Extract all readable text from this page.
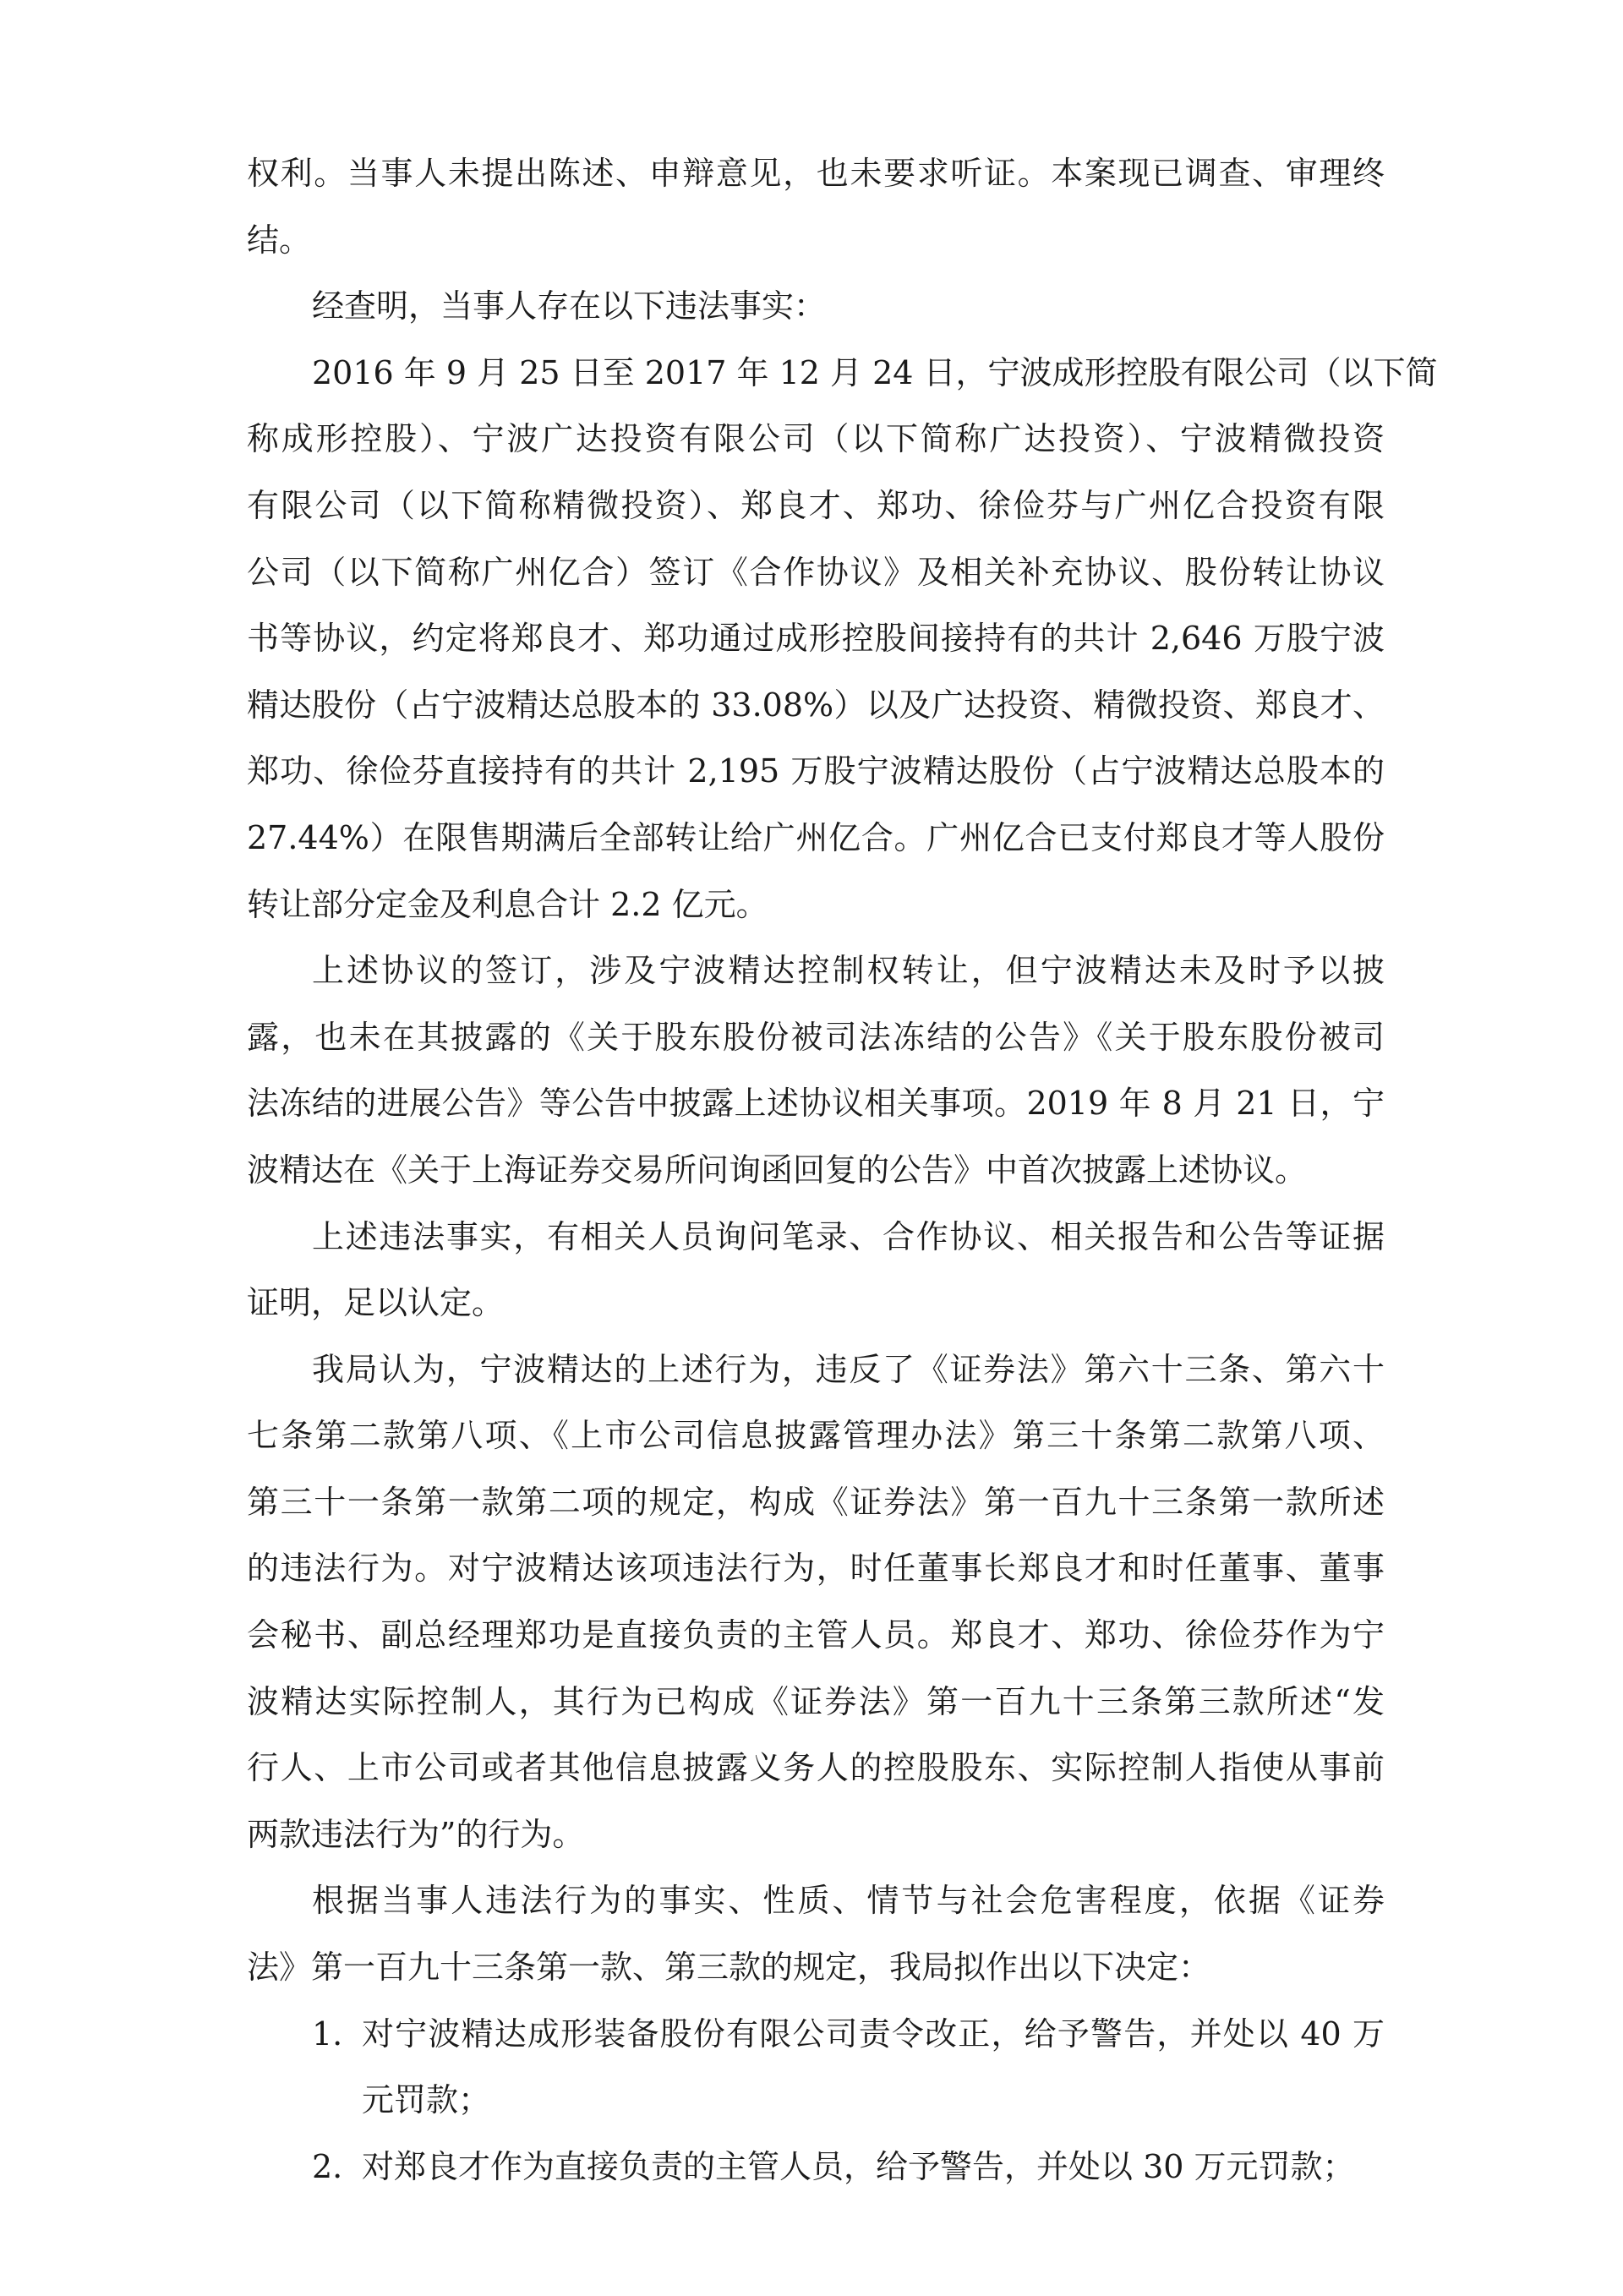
权利。当事人未提出陈述、申辩意见，也未要求听证。本案现已调查、审理终
结。
经查明，当事人存在以下违法事实：
2016 年 9 月 25 日至 2017 年 12 月 24 日，宁波成形控股有限公司（以下简
称成形控股）、宁波广达投资有限公司（以下简称广达投资）、宁波精微投资
有限公司（以下简称精微投资）、郑良才、郑功、徐俭芬与广州亿合投资有限
公司（以下简称广州亿合）签订《合作协议》及相关补充协议、股份转让协议
书等协议，约定将郑良才、郑功通过成形控股间接持有的共计 2,646 万股宁波
精达股份（占宁波精达总股本的 33.08%）以及广达投资、精微投资、郑良才、
郑功、徐俭芬直接持有的共计 2,195 万股宁波精达股份（占宁波精达总股本的
27.44%）在限售期满后全部转让给广州亿合。广州亿合已支付郑良才等人股份
转让部分定金及利息合计 2.2 亿元。
上述协议的签订，涉及宁波精达控制权转让，但宁波精达未及时予以披
露，也未在其披露的《关于股东股份被司法冻结的公告》《关于股东股份被司
法冻结的进展公告》等公告中披露上述协议相关事项。2019 年 8 月 21 日，宁
波精达在《关于上海证券交易所问询函回复的公告》中首次披露上述协议。
上述违法事实，有相关人员询问笔录、合作协议、相关报告和公告等证据
证明，足以认定。
我局认为，宁波精达的上述行为，违反了《证券法》第六十三条、第六十
七条第二款第八项、《上市公司信息披露管理办法》第三十条第二款第八项、
第三十一条第一款第二项的规定，构成《证券法》第一百九十三条第一款所述
的违法行为。对宁波精达该项违法行为，时任董事长郑良才和时任董事、董事
会秘书、副总经理郑功是直接负责的主管人员。郑良才、郑功、徐俭芬作为宁
波精达实际控制人，其行为已构成《证券法》第一百九十三条第三款所述“发
行人、上市公司或者其他信息披露义务人的控股股东、实际控制人指使从事前
两款违法行为”的行为。
根据当事人违法行为的事实、性质、情节与社会危害程度，依据《证券
法》第一百九十三条第一款、第三款的规定，我局拟作出以下决定：
1. 对宁波精达成形装备股份有限公司责令改正，给予警告，并处以 40 万
元罚款；
2. 对郑良才作为直接负责的主管人员，给予警告，并处以 30 万元罚款；
